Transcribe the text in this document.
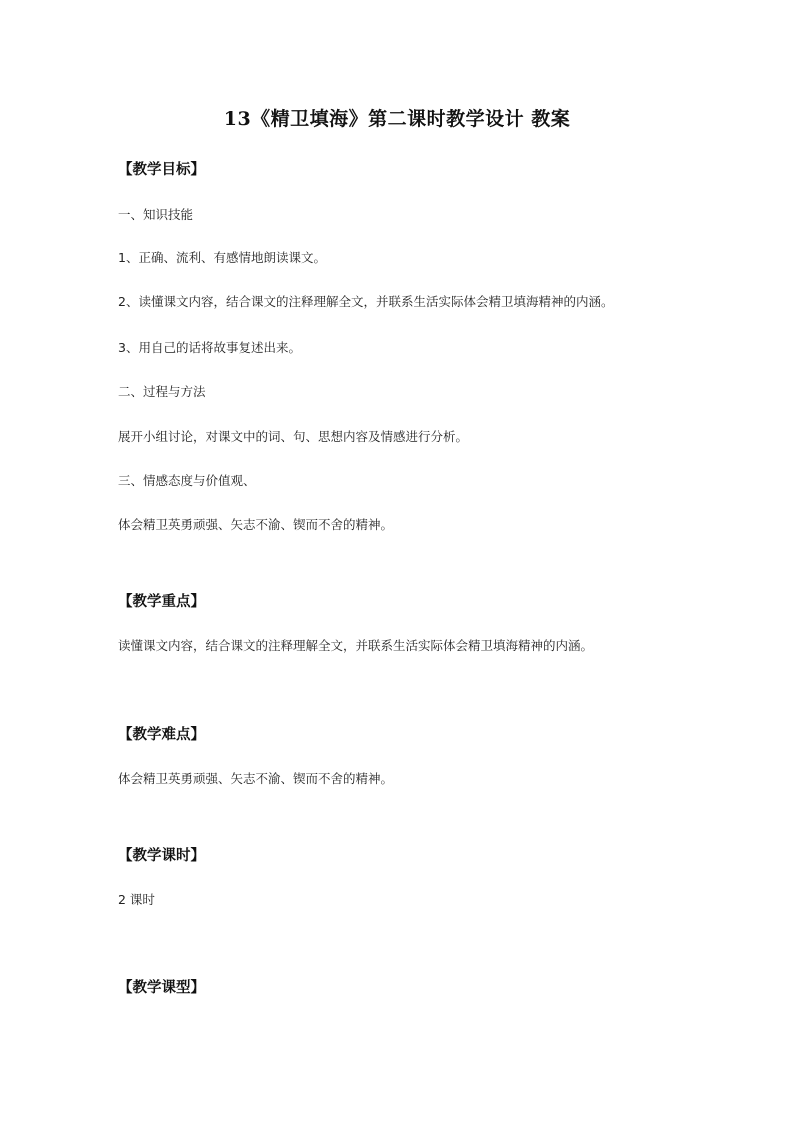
13《精卫填海》第二课时教学设计 教案
【教学目标】
一、知识技能
1、正确、流利、有感情地朗读课文。
2、读懂课文内容，结合课文的注释理解全文，并联系生活实际体会精卫填海精神的内涵。
3、用自己的话将故事复述出来。
二、过程与方法
展开小组讨论，对课文中的词、句、思想内容及情感进行分析。
三、情感态度与价值观、
体会精卫英勇顽强、矢志不渝、锲而不舍的精神。
【教学重点】
读懂课文内容，结合课文的注释理解全文，并联系生活实际体会精卫填海精神的内涵。
【教学难点】
体会精卫英勇顽强、矢志不渝、锲而不舍的精神。
【教学课时】
2 课时
【教学课型】
